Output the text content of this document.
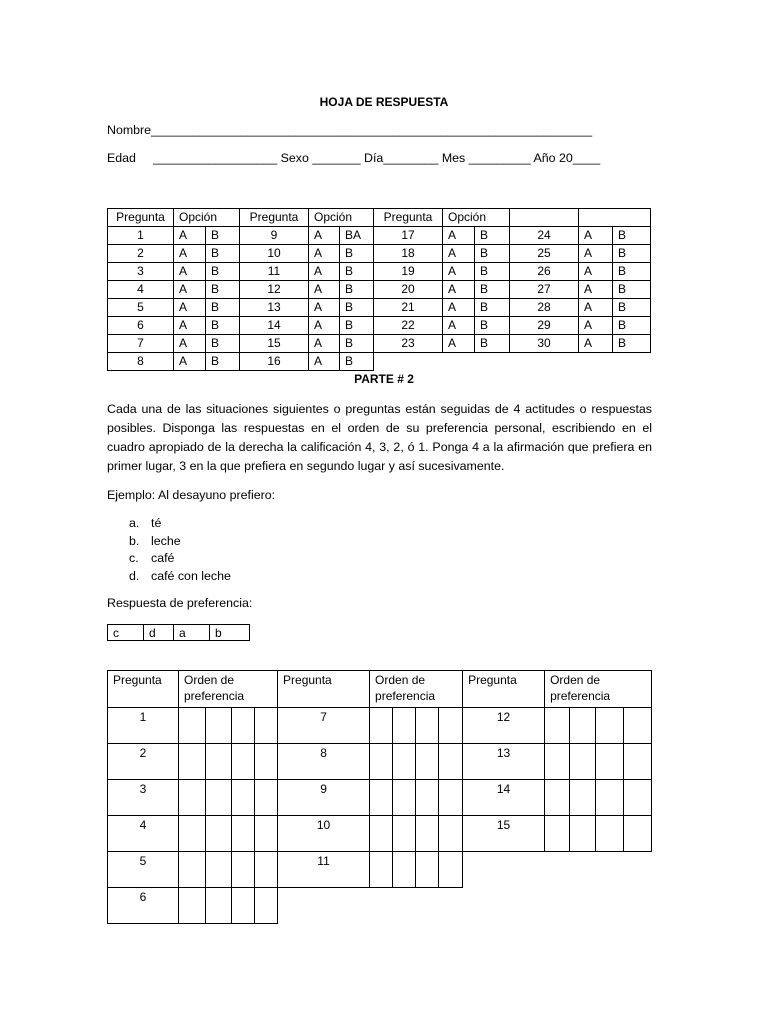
HOJA DE RESPUESTA
Nombre________________________________________________________________
Edad     __________________ Sexo _______ Día________ Mes _________ Año 20____
Pregunta	Opción		Pregunta	Opción		Pregunta	Opción				
1	A	B	9	A	BA	17	A	B	24	A	B
2	A	B	10	A	B	18	A	B	25	A	B
3	A	B	11	A	B	19	A	B	26	A	B
4	A	B	12	A	B	20	A	B	27	A	B
5	A	B	13	A	B	21	A	B	28	A	B
6	A	B	14	A	B	22	A	B	29	A	B
7	A	B	15	A	B	23	A	B	30	A	B
8	A	B	16	A	B						
PARTE # 2
Cada una de las situaciones siguientes o preguntas están seguidas de 4 actitudes o respuestas posibles. Disponga las respuestas en el orden de su preferencia personal, escribiendo en el cuadro apropiado de la derecha la calificación 4, 3, 2, ó 1. Ponga 4 a la afirmación que prefiera en primer lugar, 3 en la que prefiera en segundo lugar y así sucesivamente.
Ejemplo: Al desayuno prefiero:
a. té
b. leche
c. café
d. café con leche
Respuesta de preferencia:
c	d	a	b
Pregunta	Orden de preferencia				Pregunta	Orden de preferencia				Pregunta	Orden de preferencia			
1					7					12				
2					8					13				
3					9					14				
4					10					15				
5					11									
6														
